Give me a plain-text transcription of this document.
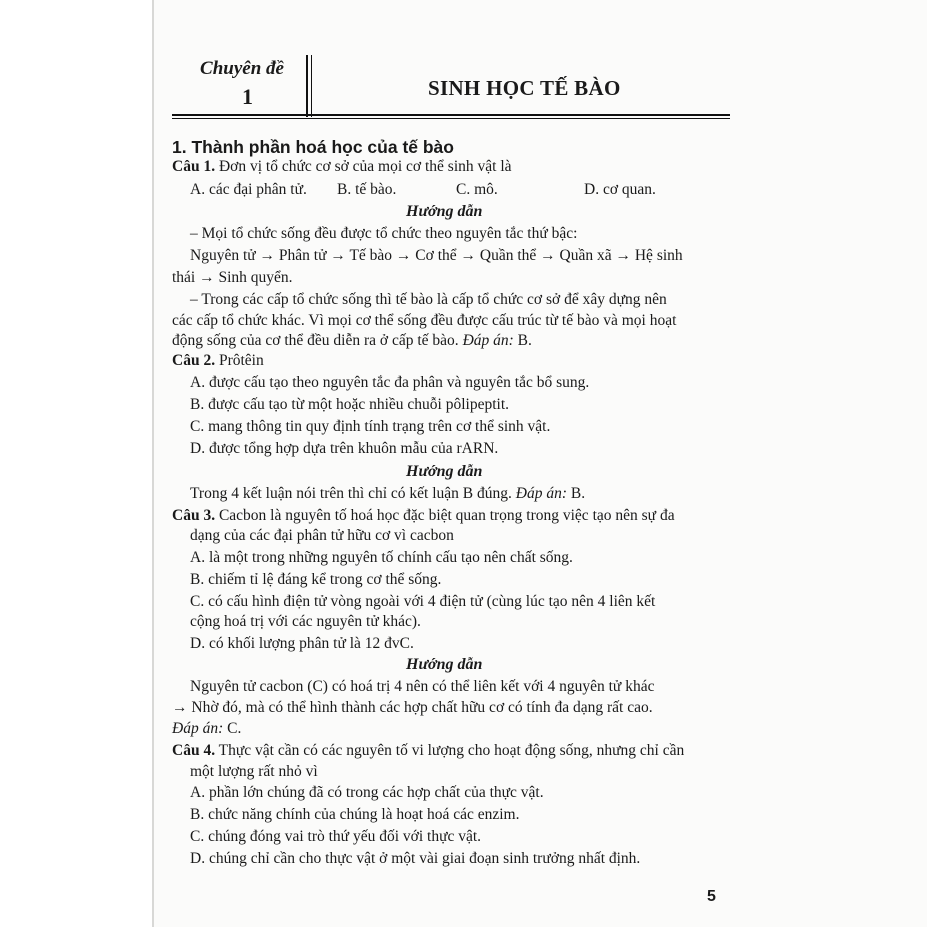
Chuyên đề
1	SINH HỌC TẾ BÀO
1. Thành phần hoá học của tế bào
Câu 1. Đơn vị tổ chức cơ sở của mọi cơ thể sinh vật là
A. các đại phân tử. B. tế bào.	C. mô.	D. cơ quan.
Hướng dẫn
– Mọi tổ chức sống đều được tổ chức theo nguyên tắc thứ bậc:
Nguyên tử → Phân tử → Tế bào → Cơ thể → Quần thể → Quần xã → Hệ sinh
thái → Sinh quyển.
– Trong các cấp tổ chức sống thì tế bào là cấp tổ chức cơ sở để xây dựng nên
các cấp tổ chức khác. Vì mọi cơ thể sống đều được cấu trúc từ tế bào và mọi hoạt
động sống của cơ thể đều diễn ra ở cấp tế bào. Đáp án: B.
Câu 2. Prôtêin
A. được cấu tạo theo nguyên tắc đa phân và nguyên tắc bổ sung.
B. được cấu tạo từ một hoặc nhiều chuỗi pôlipeptit.
C. mang thông tin quy định tính trạng trên cơ thể sinh vật.
D. được tổng hợp dựa trên khuôn mẫu của rARN.
Hướng dẫn
Trong 4 kết luận nói trên thì chỉ có kết luận B đúng. Đáp án: B.
Câu 3. Cacbon là nguyên tố hoá học đặc biệt quan trọng trong việc tạo nên sự đa
dạng của các đại phân tử hữu cơ vì cacbon
A. là một trong những nguyên tố chính cấu tạo nên chất sống.
B. chiếm tỉ lệ đáng kể trong cơ thể sống.
C. có cấu hình điện tử vòng ngoài với 4 điện tử (cùng lúc tạo nên 4 liên kết
cộng hoá trị với các nguyên tử khác).
D. có khối lượng phân tử là 12 đvC.
Hướng dẫn
Nguyên tử cacbon (C) có hoá trị 4 nên có thể liên kết với 4 nguyên tử khác
→ Nhờ đó, mà có thể hình thành các hợp chất hữu cơ có tính đa dạng rất cao.
Đáp án: C.
Câu 4. Thực vật cần có các nguyên tố vi lượng cho hoạt động sống, nhưng chỉ cần
một lượng rất nhỏ vì
A. phần lớn chúng đã có trong các hợp chất của thực vật.
B. chức năng chính của chúng là hoạt hoá các enzim.
C. chúng đóng vai trò thứ yếu đối với thực vật.
D. chúng chỉ cần cho thực vật ở một vài giai đoạn sinh trưởng nhất định.
5
